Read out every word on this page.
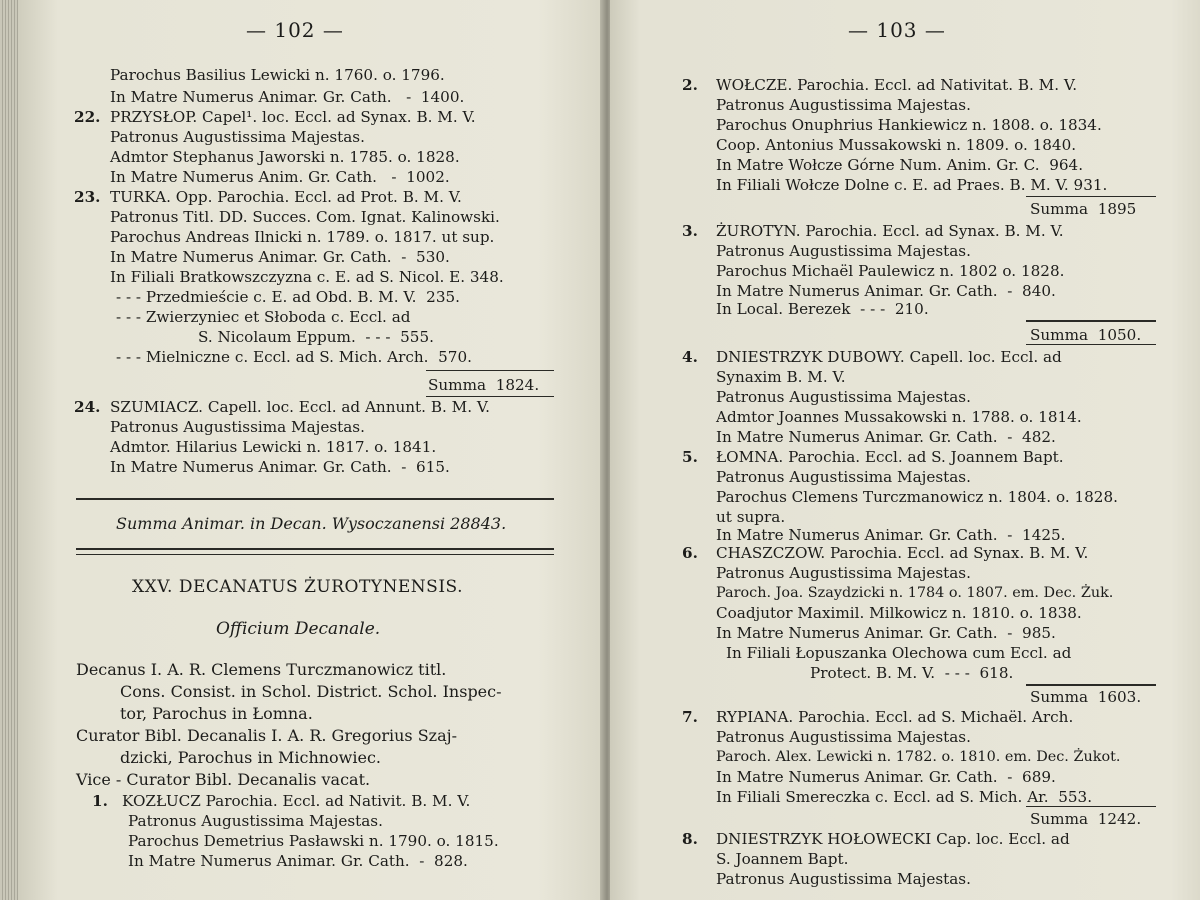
— 102 —
Parochus Basilius Lewicki n. 1760. o. 1796.
In Matre Numerus Animar. Gr. Cath.   -  1400.
22. PRZYSŁOP. Capel¹. loc. Eccl. ad Synax. B. M. V.
Patronus Augustissima Majestas.
Admtor Stephanus Jaworski n. 1785. o. 1828.
In Matre Numerus Anim. Gr. Cath.   -  1002.
23. TURKA. Opp. Parochia. Eccl. ad Prot. B. M. V.
Patronus Titl. DD. Succes. Com. Ignat. Kalinowski.
Parochus Andreas Ilnicki n. 1789. o. 1817. ut sup.
In Matre Numerus Animar. Gr. Cath.  -  530.
In Filiali Bratkowszczyzna c. E. ad S. Nicol. E. 348.
- - - Przedmieście c. E. ad Obd. B. M. V.  235.
- - - Zwierzyniec et Słoboda c. Eccl. ad
S. Nicolaum Eppum.  - - -  555.
- - - Mielniczne c. Eccl. ad S. Mich. Arch.  570.
Summa  1824.
24. SZUMIACZ. Capell. loc. Eccl. ad Annunt. B. M. V.
Patronus Augustissima Majestas.
Admtor. Hilarius Lewicki n. 1817. o. 1841.
In Matre Numerus Animar. Gr. Cath.  -  615.
Summa Animar. in Decan. Wysoczanensi 28843.
XXV. DECANATUS ŻUROTYNENSIS.
Officium Decanale.
Decanus I. A. R. Clemens Turczmanowicz titl.
Cons. Consist. in Schol. District. Schol. Inspec-
tor, Parochus in Łomna.
Curator Bibl. Decanalis I. A. R. Gregorius Szaj-
dzicki, Parochus in Michnowiec.
Vice - Curator Bibl. Decanalis vacat.
1. KOZŁUCZ Parochia. Eccl. ad Nativit. B. M. V.
Patronus Augustissima Majestas.
Parochus Demetrius Pasławski n. 1790. o. 1815.
In Matre Numerus Animar. Gr. Cath.  -  828.
— 103 —
2. WOŁCZE. Parochia. Eccl. ad Nativitat. B. M. V.
Patronus Augustissima Majestas.
Parochus Onuphrius Hankiewicz n. 1808. o. 1834.
Coop. Antonius Mussakowski n. 1809. o. 1840.
In Matre Wołcze Górne Num. Anim. Gr. C.  964.
In Filiali Wołcze Dolne c. E. ad Praes. B. M. V. 931.
Summa  1895
3. ŻUROTYN. Parochia. Eccl. ad Synax. B. M. V.
Patronus Augustissima Majestas.
Parochus Michaël Paulewicz n. 1802 o. 1828.
In Matre Numerus Animar. Gr. Cath.  -  840.
In Local. Berezek  - - -  210.
Summa  1050.
4. DNIESTRZYK DUBOWY. Capell. loc. Eccl. ad
Synaxim B. M. V.
Patronus Augustissima Majestas.
Admtor Joannes Mussakowski n. 1788. o. 1814.
In Matre Numerus Animar. Gr. Cath.  -  482.
5. ŁOMNA. Parochia. Eccl. ad S. Joannem Bapt.
Patronus Augustissima Majestas.
Parochus Clemens Turczmanowicz n. 1804. o. 1828.
ut supra.
In Matre Numerus Animar. Gr. Cath.  -  1425.
6. CHASZCZOW. Parochia. Eccl. ad Synax. B. M. V.
Patronus Augustissima Majestas.
Paroch. Joa. Szaydzicki n. 1784 o. 1807. em. Dec. Żuk.
Coadjutor Maximil. Milkowicz n. 1810. o. 1838.
In Matre Numerus Animar. Gr. Cath.  -  985.
In Filiali Łopuszanka Olechowa cum Eccl. ad
Protect. B. M. V.  - - -  618.
Summa  1603.
7. RYPIANA. Parochia. Eccl. ad S. Michaël. Arch.
Patronus Augustissima Majestas.
Paroch. Alex. Lewicki n. 1782. o. 1810. em. Dec. Żukot.
In Matre Numerus Animar. Gr. Cath.  -  689.
In Filiali Smereczka c. Eccl. ad S. Mich. Ar.  553.
Summa  1242.
8. DNIESTRZYK HOŁOWECKI Cap. loc. Eccl. ad
S. Joannem Bapt.
Patronus Augustissima Majestas.
